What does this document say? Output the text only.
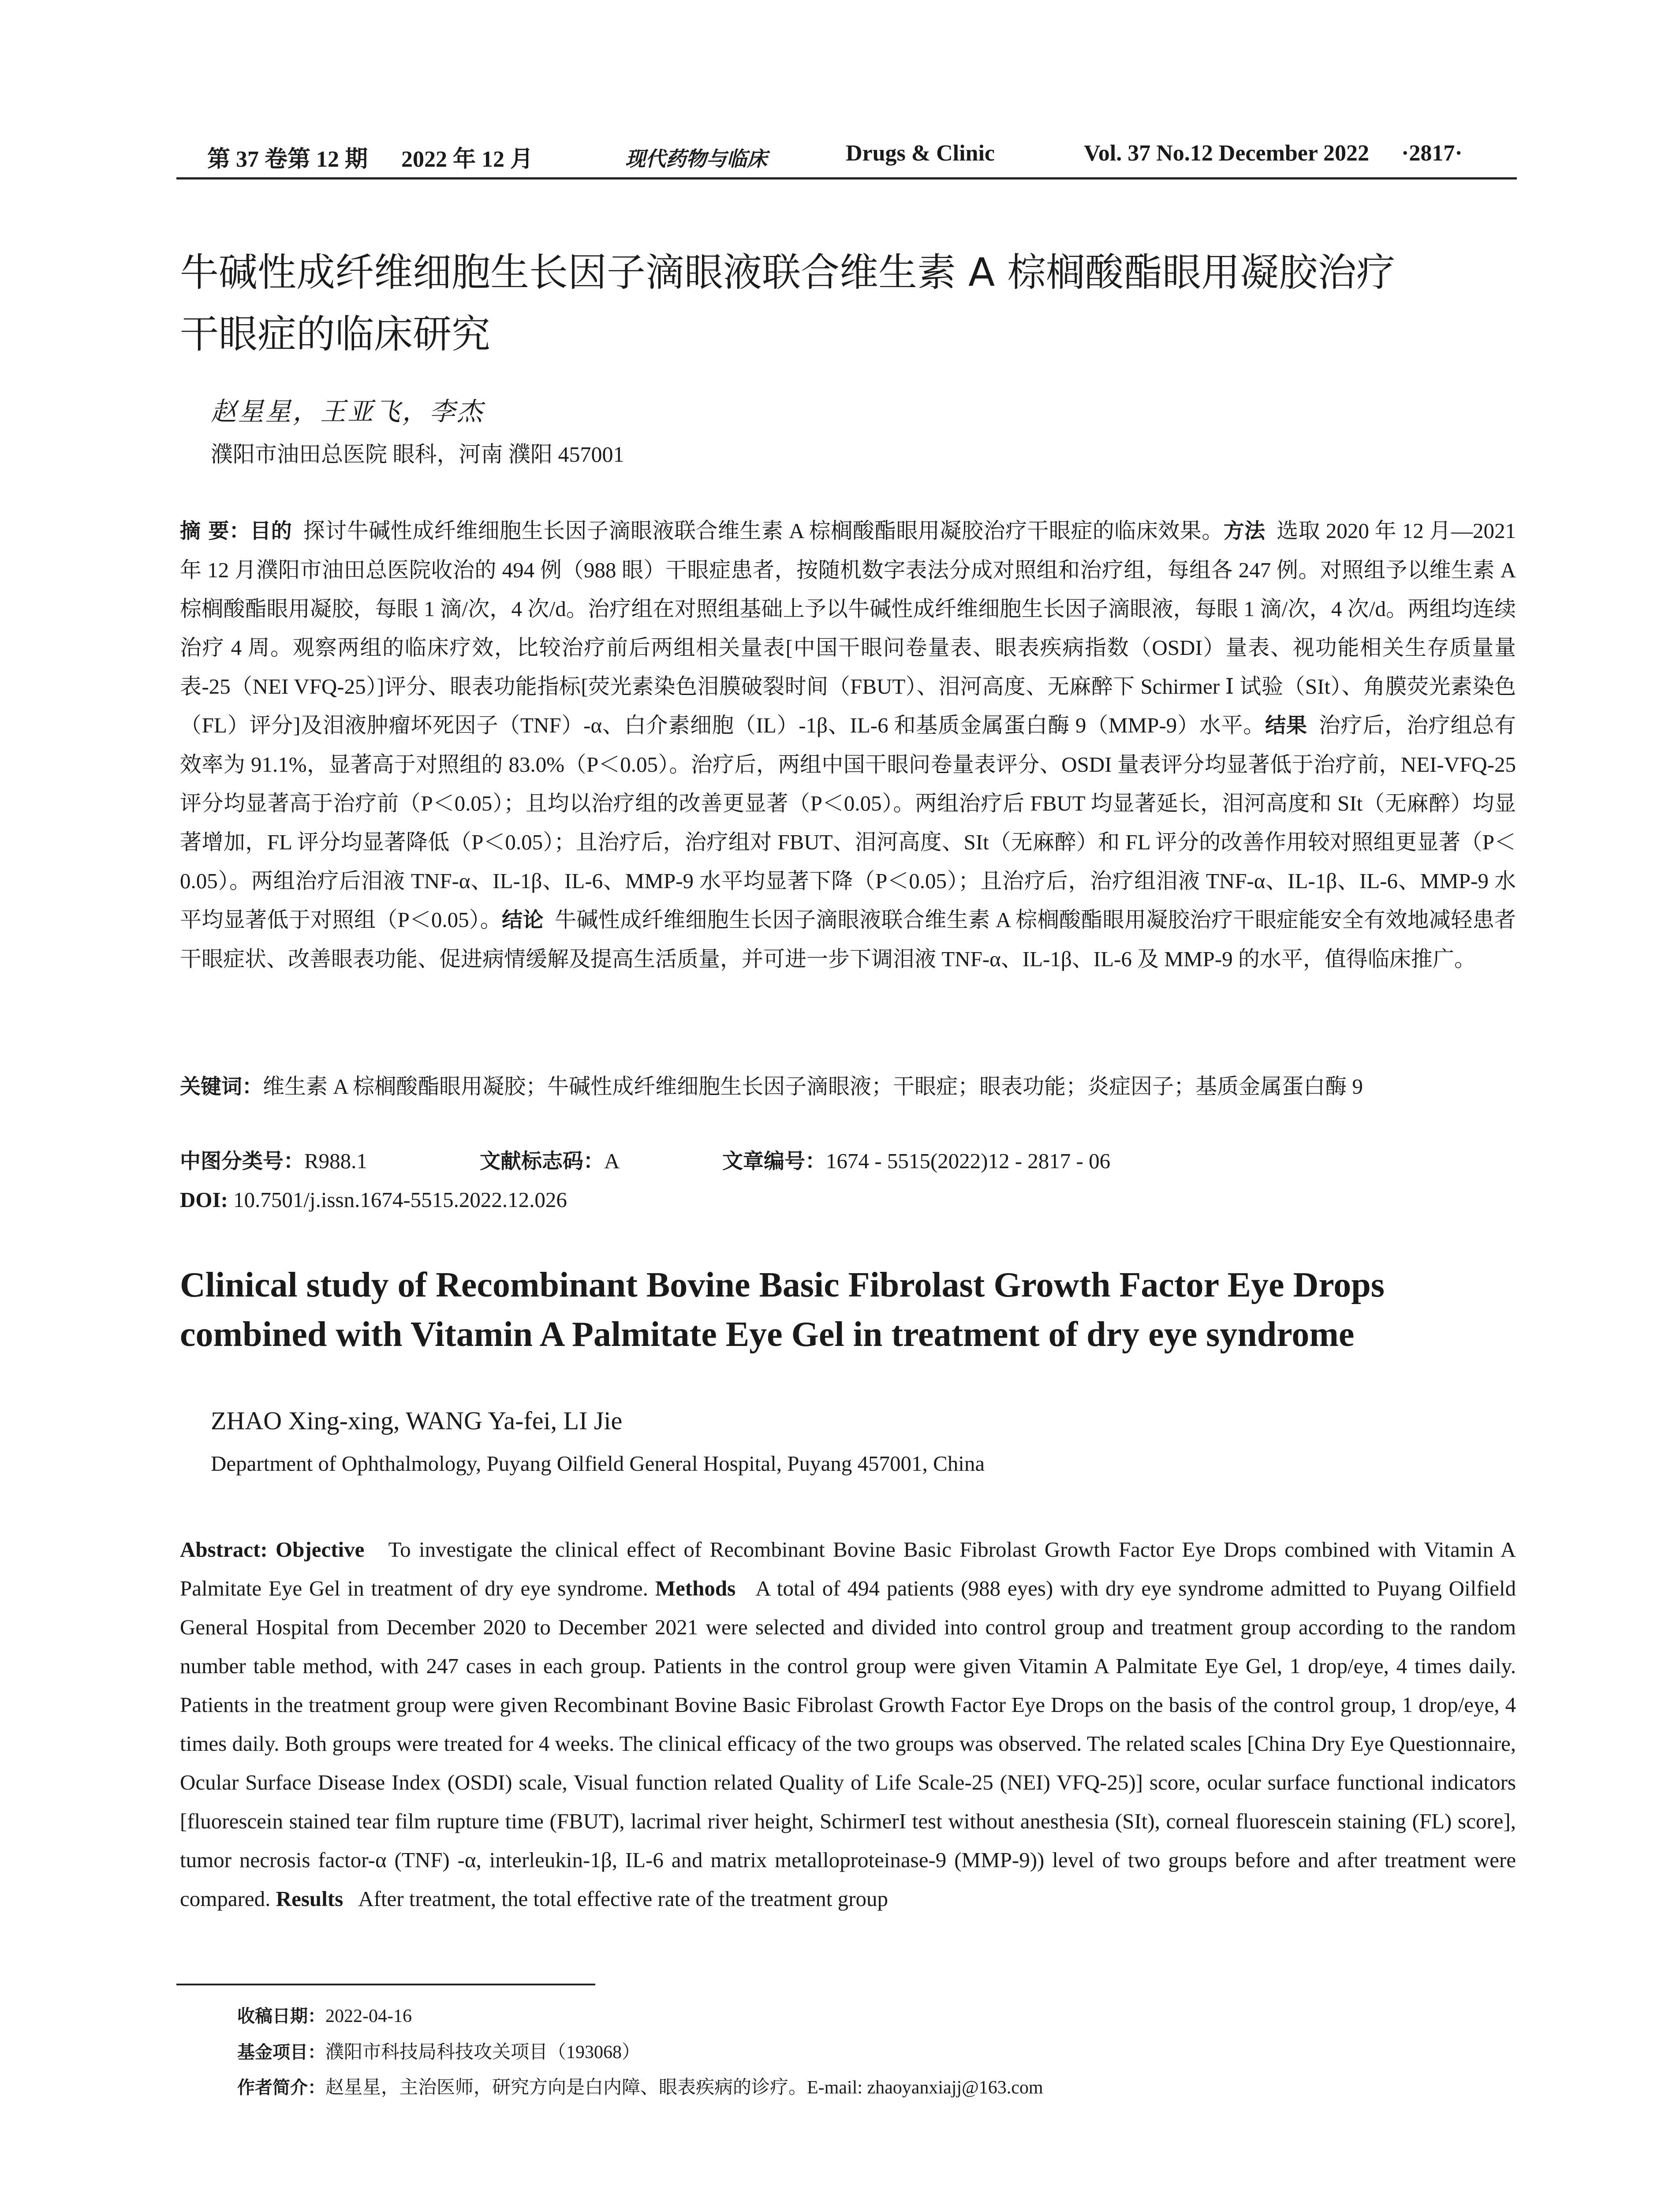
第 37 卷第 12 期 2022 年 12 月	现代药物与临床	Drugs & Clinic	Vol. 37 No.12 December 2022 ·2817·
牛碱性成纤维细胞生长因子滴眼液联合维生素 A 棕榈酸酯眼用凝胶治疗
干眼症的临床研究
赵星星，王亚飞，李杰
濮阳市油田总医院 眼科，河南 濮阳 457001
摘 要：目的 探讨牛碱性成纤维细胞生长因子滴眼液联合维生素 A 棕榈酸酯眼用凝胶治疗干眼症的临床效果。方法 选取 2020 年 12 月—2021 年 12 月濮阳市油田总医院收治的 494 例（988 眼）干眼症患者，按随机数字表法分成对照组和治疗组，每组各 247 例。对照组予以维生素 A 棕榈酸酯眼用凝胶，每眼 1 滴/次，4 次/d。治疗组在对照组基础上予以牛碱性成纤维细胞生长因子滴眼液，每眼 1 滴/次，4 次/d。两组均连续治疗 4 周。观察两组的临床疗效，比较治疗前后两组相关量表[中国干眼问卷量表、眼表疾病指数（OSDI）量表、视功能相关生存质量量表-25（NEI VFQ-25）]评分、眼表功能指标[荧光素染色泪膜破裂时间（FBUT）、泪河高度、无麻醉下 Schirmer Ⅰ 试验（SIt）、角膜荧光素染色（FL）评分]及泪液肿瘤坏死因子（TNF）-α、白介素细胞（IL）-1β、IL-6 和基质金属蛋白酶 9（MMP-9）水平。结果 治疗后，治疗组总有效率为 91.1%，显著高于对照组的 83.0%（P＜0.05）。治疗后，两组中国干眼问卷量表评分、OSDI 量表评分均显著低于治疗前，NEI-VFQ-25 评分均显著高于治疗前（P＜0.05）；且均以治疗组的改善更显著（P＜0.05）。两组治疗后 FBUT 均显著延长，泪河高度和 SIt（无麻醉）均显著增加，FL 评分均显著降低（P＜0.05）；且治疗后，治疗组对 FBUT、泪河高度、SIt（无麻醉）和 FL 评分的改善作用较对照组更显著（P＜0.05）。两组治疗后泪液 TNF-α、IL-1β、IL-6、MMP-9 水平均显著下降（P＜0.05）；且治疗后，治疗组泪液 TNF-α、IL-1β、IL-6、MMP-9 水平均显著低于对照组（P＜0.05）。结论 牛碱性成纤维细胞生长因子滴眼液联合维生素 A 棕榈酸酯眼用凝胶治疗干眼症能安全有效地减轻患者干眼症状、改善眼表功能、促进病情缓解及提高生活质量，并可进一步下调泪液 TNF-α、IL-1β、IL-6 及 MMP-9 的水平，值得临床推广。
关键词：维生素 A 棕榈酸酯眼用凝胶；牛碱性成纤维细胞生长因子滴眼液；干眼症；眼表功能；炎症因子；基质金属蛋白酶 9
中图分类号：R988.1	文献标志码：A	文章编号：1674 - 5515(2022)12 - 2817 - 06
DOI: 10.7501/j.issn.1674-5515.2022.12.026
Clinical study of Recombinant Bovine Basic Fibrolast Growth Factor Eye Drops
combined with Vitamin A Palmitate Eye Gel in treatment of dry eye syndrome
ZHAO Xing-xing, WANG Ya-fei, LI Jie
Department of Ophthalmology, Puyang Oilfield General Hospital, Puyang 457001, China
Abstract: Objective To investigate the clinical effect of Recombinant Bovine Basic Fibrolast Growth Factor Eye Drops combined with Vitamin A Palmitate Eye Gel in treatment of dry eye syndrome. Methods A total of 494 patients (988 eyes) with dry eye syndrome admitted to Puyang Oilfield General Hospital from December 2020 to December 2021 were selected and divided into control group and treatment group according to the random number table method, with 247 cases in each group. Patients in the control group were given Vitamin A Palmitate Eye Gel, 1 drop/eye, 4 times daily. Patients in the treatment group were given Recombinant Bovine Basic Fibrolast Growth Factor Eye Drops on the basis of the control group, 1 drop/eye, 4 times daily. Both groups were treated for 4 weeks. The clinical efficacy of the two groups was observed. The related scales [China Dry Eye Questionnaire, Ocular Surface Disease Index (OSDI) scale, Visual function related Quality of Life Scale-25 (NEI) VFQ-25)] score, ocular surface functional indicators [fluorescein stained tear film rupture time (FBUT), lacrimal river height, SchirmerI test without anesthesia (SIt), corneal fluorescein staining (FL) score], tumor necrosis factor-α (TNF) -α, interleukin-1β, IL-6 and matrix metalloproteinase-9 (MMP-9)) level of two groups before and after treatment were compared. Results After treatment, the total effective rate of the treatment group
收稿日期：2022-04-16
基金项目：濮阳市科技局科技攻关项目（193068）
作者简介：赵星星，主治医师，研究方向是白内障、眼表疾病的诊疗。E-mail: zhaoyanxiajj@163.com
